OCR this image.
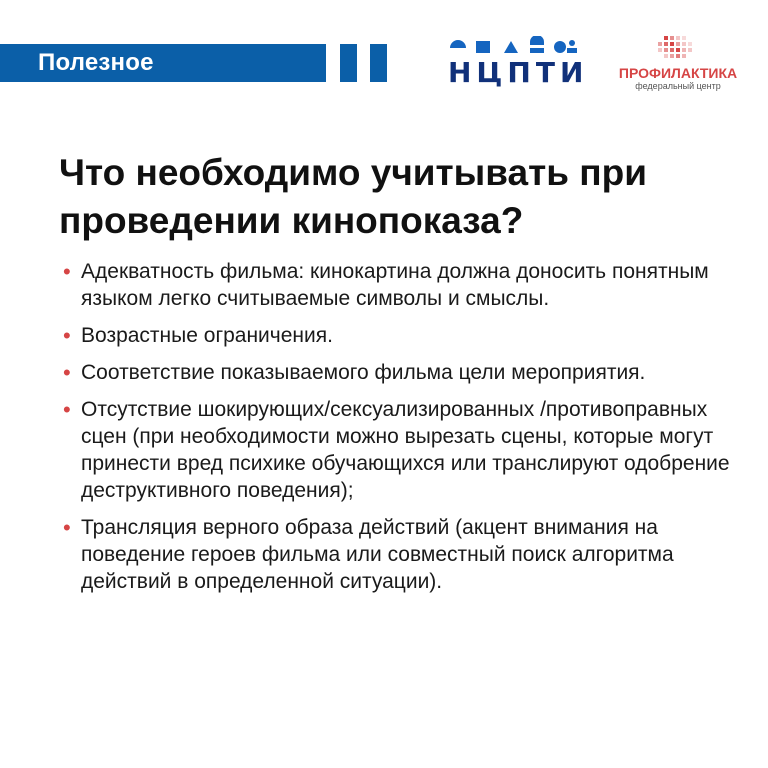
Полезное	НЦПТИ	ПРОФИЛАКТИКА
федеральный центр
Что необходимо учитывать при проведении кинопоказа?
• Адекватность фильма: кинокартина должна доносить понятным языком легко считываемые символы и смыслы.
• Возрастные ограничения.
• Соответствие показываемого фильма цели мероприятия.
• Отсутствие шокирующих/сексуализированных /противоправных сцен (при необходимости можно вырезать сцены, которые могут принести вред психике обучающихся или транслируют одобрение деструктивного поведения);
• Трансляция верного образа действий (акцент внимания на поведение героев фильма или совместный поиск алгоритма действий в определенной ситуации).
